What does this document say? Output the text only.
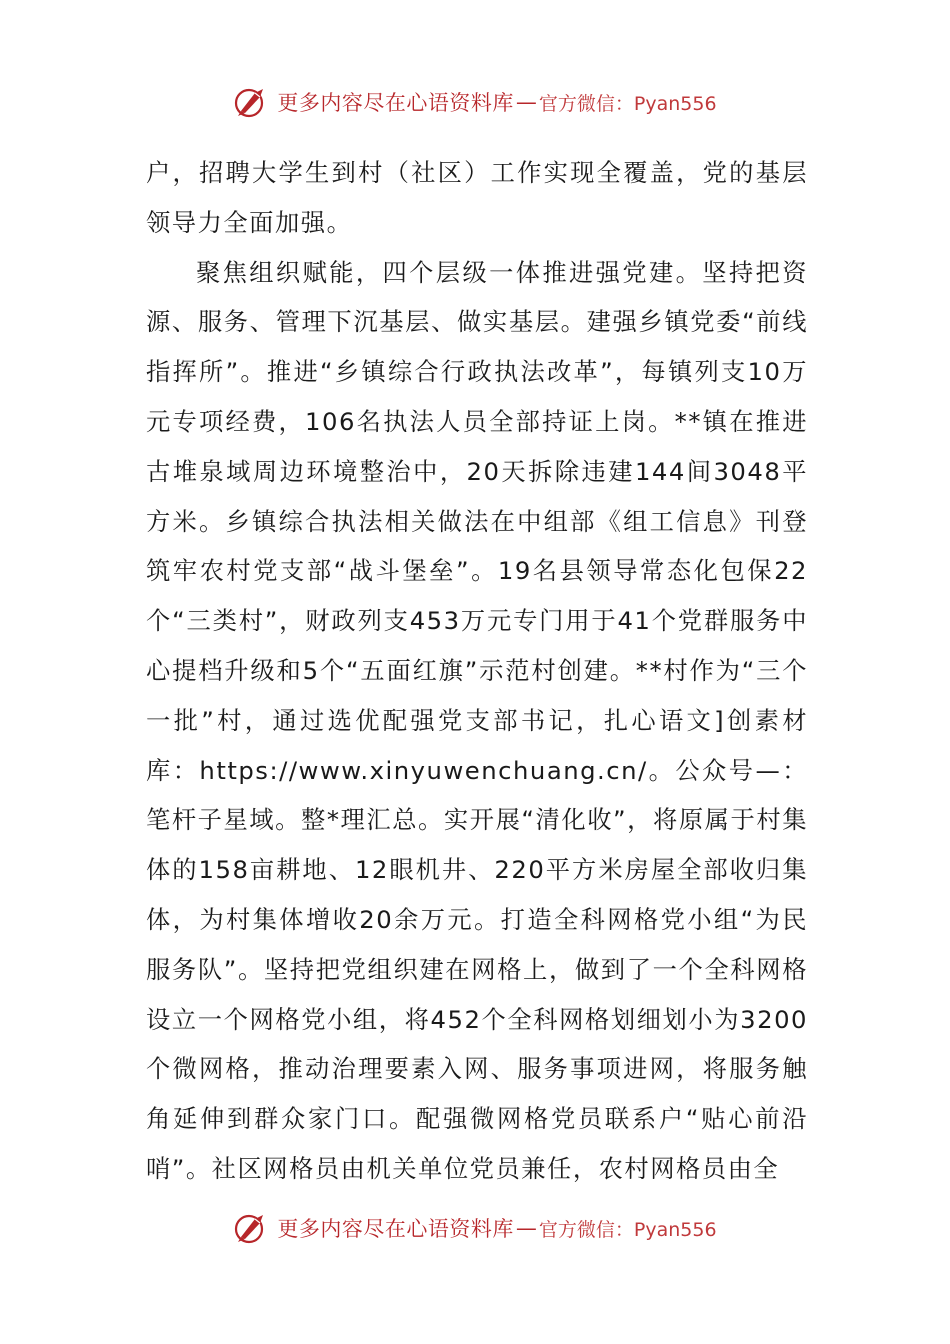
更多内容尽在心语资料库 — 官方微信：Pyan556

户，招聘大学生到村（社区）工作实现全覆盖，党的基层领导力全面加强。

聚焦组织赋能，四个层级一体推进强党建。坚持把资源、服务、管理下沉基层、做实基层。建强乡镇党委“前线指挥所”。推进“乡镇综合行政执法改革”，每镇列支10万元专项经费，106名执法人员全部持证上岗。**镇在推进古堆泉域周边环境整治中，20天拆除违建144间3048平方米。乡镇综合执法相关做法在中组部《组工信息》刊登筑牢农村党支部“战斗堡垒”。19名县领导常态化包保22个“三类村”，财政列支453万元专门用于41个党群服务中心提档升级和5个“五面红旗”示范村创建。**村作为“三个一批”村，通过选优配强党支部书记，扎心语文]创素材库：https://www.xinyuwenchuang.cn/。公众号—：笔杆子星域。整*理汇总。实开展“清化收”，将原属于村集体的158亩耕地、12眼机井、220平方米房屋全部收归集体，为村集体增收20余万元。打造全科网格党小组“为民服务队”。坚持把党组织建在网格上，做到了一个全科网格设立一个网格党小组，将452个全科网格划细划小为3200个微网格，推动治理要素入网、服务事项进网，将服务触角延伸到群众家门口。配强微网格党员联系户“贴心前沿哨”。社区网格员由机关单位党员兼任，农村网格员由全

更多内容尽在心语资料库 — 官方微信：Pyan556
